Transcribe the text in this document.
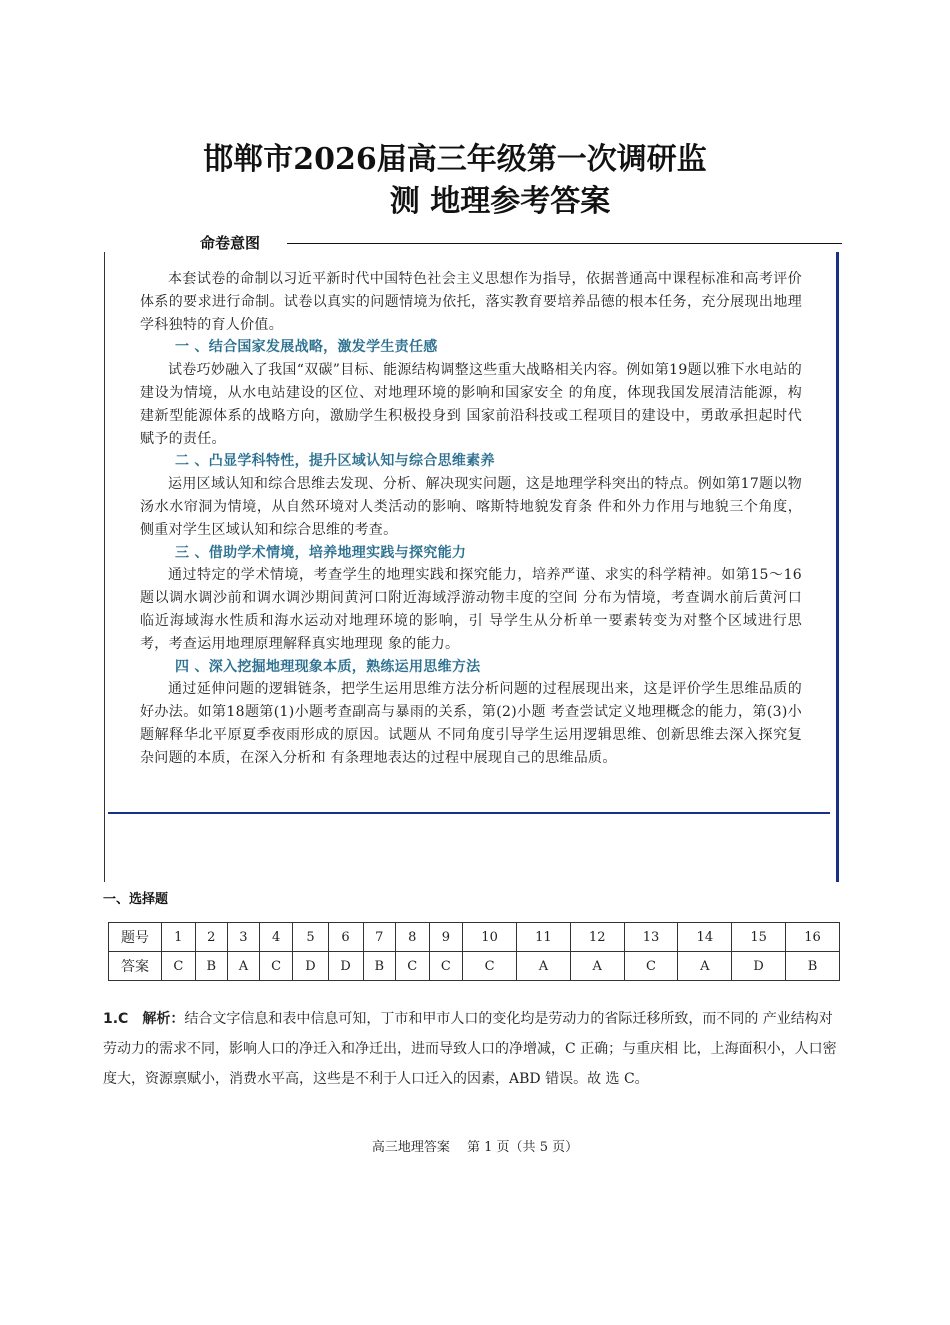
邯郸市2026届高三年级第一次调研监
测 地理参考答案
命卷意图

本套试卷的命制以习近平新时代中国特色社会主义思想作为指导，依据普通高中课程标准和高考评价体系的要求进行命制。试卷以真实的问题情境为依托，落实教育要培养品德的根本任务，充分展现出地理学科独特的育人价值。

一 、结合国家发展战略，激发学生责任感

试卷巧妙融入了我国“双碳”目标、能源结构调整这些重大战略相关内容。例如第19题以雅下水电站的建设为情境，从水电站建设的区位、对地理环境的影响和国家安全 的角度，体现我国发展清洁能源，构建新型能源体系的战略方向，激励学生积极投身到 国家前沿科技或工程项目的建设中，勇敢承担起时代赋予的责任。

二 、凸显学科特性，提升区域认知与综合思维素养

运用区域认知和综合思维去发现、分析、解决现实问题，这是地理学科突出的特点。例如第17题以物汤水水帘洞为情境，从自然环境对人类活动的影响、喀斯特地貌发育条 件和外力作用与地貌三个角度，侧重对学生区域认知和综合思维的考查。

三 、借助学术情境，培养地理实践与探究能力

通过特定的学术情境，考查学生的地理实践和探究能力，培养严谨、求实的科学精神。如第15～16题以调水调沙前和调水调沙期间黄河口附近海域浮游动物丰度的空间 分布为情境，考查调水前后黄河口临近海域海水性质和海水运动对地理环境的影响，引 导学生从分析单一要素转变为对整个区域进行思考，考查运用地理原理解释真实地理现 象的能力。

四 、深入挖掘地理现象本质，熟练运用思维方法

通过延伸问题的逻辑链条，把学生运用思维方法分析问题的过程展现出来，这是评价学生思维品质的好办法。如第18题第(1)小题考查副高与暴雨的关系，第(2)小题 考查尝试定义地理概念的能力，第(3)小题解释华北平原夏季夜雨形成的原因。试题从 不同角度引导学生运用逻辑思维、创新思维去深入探究复杂问题的本质，在深入分析和 有条理地表达的过程中展现自己的思维品质。

一、选择题
题号	1	2	3	4	5	6	7	8	9	10	11	12	13	14	15	16
答案	C	B	A	C	D	D	B	C	C	C	A	A	C	A	D	B
1.C　解析：结合文字信息和表中信息可知，丁市和甲市人口的变化均是劳动力的省际迁移所致，而不同的 产业结构对劳动力的需求不同，影响人口的净迁入和净迁出，进而导致人口的净增减，C 正确；与重庆相 比，上海面积小，人口密度大，资源禀赋小，消费水平高，这些是不利于人口迁入的因素，ABD 错误。故 选 C。
高三地理答案　 第 1 页（共 5 页）
